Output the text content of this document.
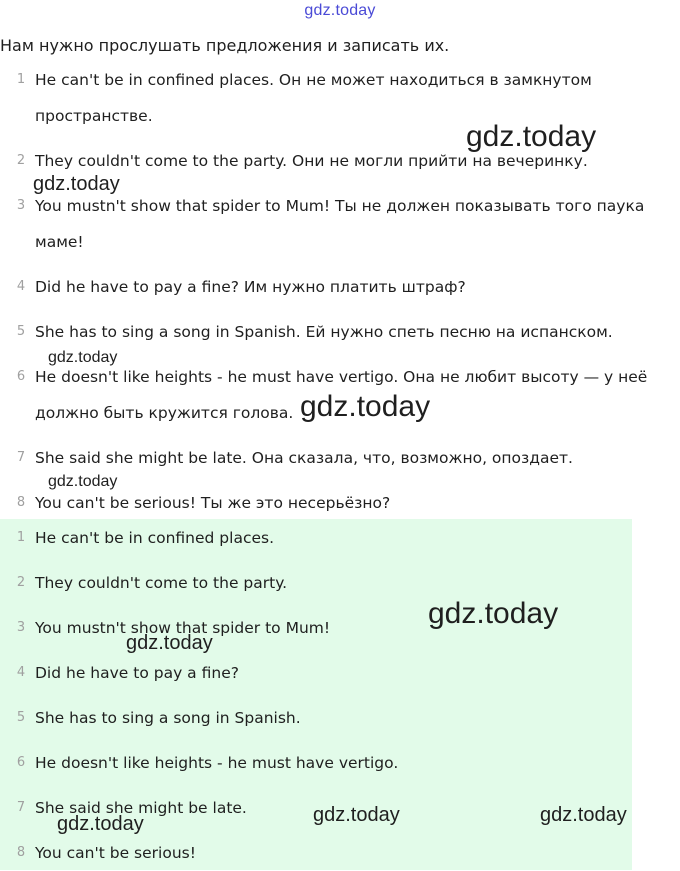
gdz.today
Нам нужно прослушать предложения и записать их.
1 He can't be in confined places. Он не может находиться в замкнутом
пространстве.
2 They couldn't come to the party. Они не могли прийти на вечеринку.
3 You mustn't show that spider to Mum! Ты не должен показывать того паука
маме!
4 Did he have to pay a fine? Им нужно платить штраф?
5 She has to sing a song in Spanish. Ей нужно спеть песню на испанском.
6 He doesn't like heights - he must have vertigo. Она не любит высоту — у неё
должно быть кружится голова.
7 She said she might be late. Она сказала, что, возможно, опоздает.
8 You can't be serious! Ты же это несерьёзно?
1 He can't be in confined places.
2 They couldn't come to the party.
3 You mustn't show that spider to Mum!
4 Did he have to pay a fine?
5 She has to sing a song in Spanish.
6 He doesn't like heights - he must have vertigo.
7 She said she might be late.
8 You can't be serious!
gdz.today
gdz.today
gdz.today
gdz.today
gdz.today
gdz.today
gdz.today
gdz.today	gdz.today	gdz.today
